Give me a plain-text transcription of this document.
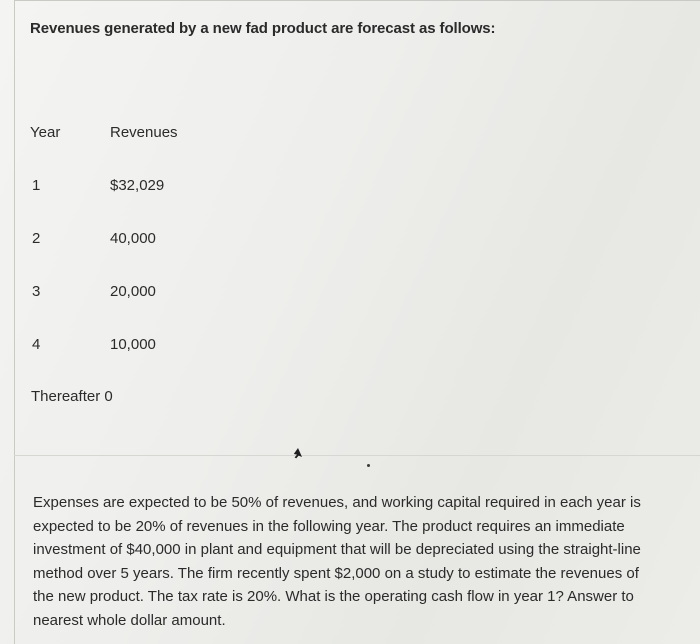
Revenues generated by a new fad product are forecast as follows:
Year	Revenues
1	$32,029
2	40,000
3	20,000
4	10,000
Thereafter 0
Expenses are expected to be 50% of revenues, and working capital required in each year is expected to be 20% of revenues in the following year. The product requires an immediate investment of $40,000 in plant and equipment that will be depreciated using the straight-line method over 5 years. The firm recently spent $2,000 on a study to estimate the revenues of the new product. The tax rate is 20%. What is the operating cash flow in year 1? Answer to nearest whole dollar amount.
